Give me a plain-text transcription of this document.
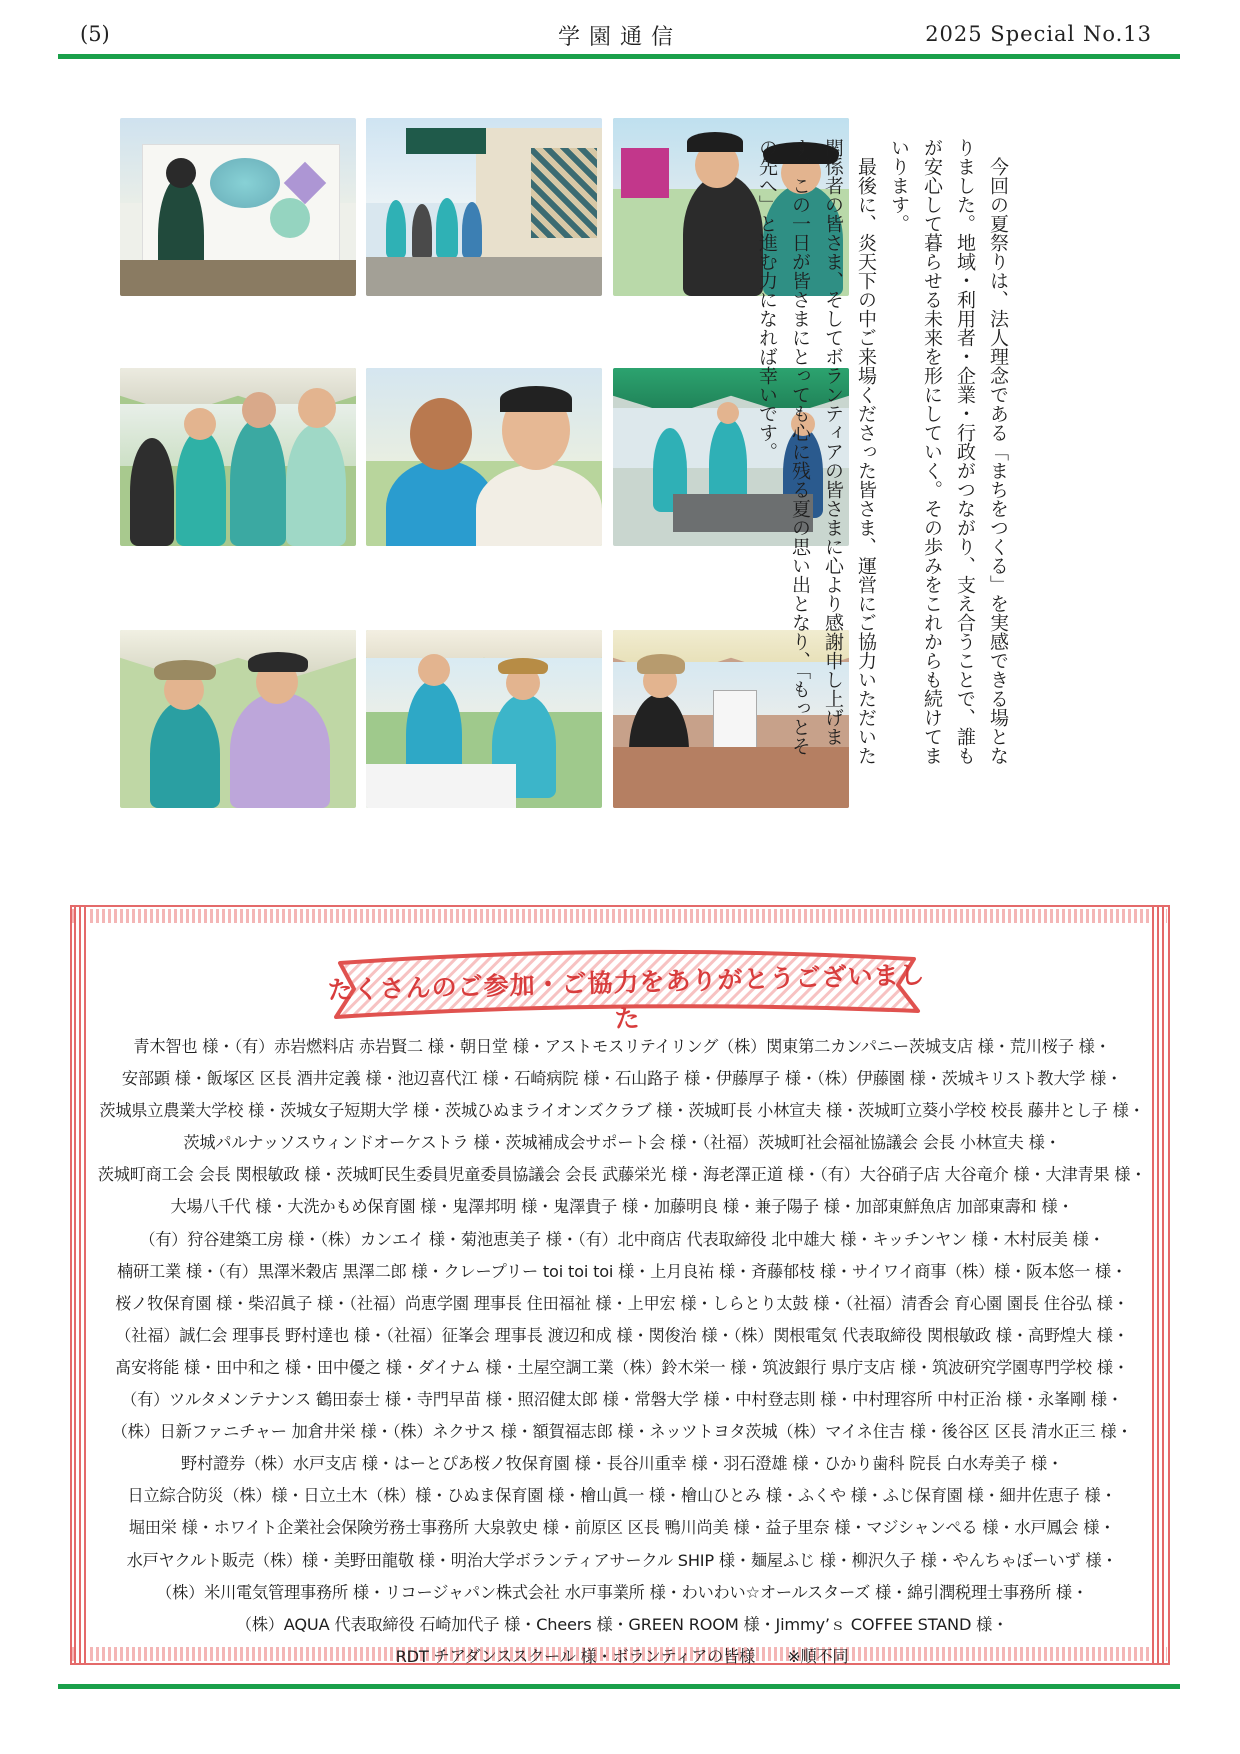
(5)	学園通信	2025 Special No.13

今回の夏祭りは、法人理念である「まちをつくる」を実感できる場となりました。地域・利用者・企業・行政がつながり、支え合うことで、誰もが安心して暮らせる未来を形にしていく。その歩みをこれからも続けてまいります。

最後に、炎天下の中ご来場くださった皆さま、運営にご協力いただいた関係者の皆さま、そしてボランティアの皆さまに心より感謝申し上げます。この一日が皆さまにとっても心に残る夏の思い出となり、「もっとその先へ」と進む力になれば幸いです。

たくさんのご参加・ご協力をありがとうございました
青木智也 様・（有）赤岩燃料店 赤岩賢二 様・朝日堂 様・アストモスリテイリング（株）関東第二カンパニー茨城支店 様・荒川桜子 様・
安部顕 様・飯塚区 区長 酒井定義 様・池辺喜代江 様・石崎病院 様・石山路子 様・伊藤厚子 様・（株）伊藤園 様・茨城キリスト教大学 様・
茨城県立農業大学校 様・茨城女子短期大学 様・茨城ひぬまライオンズクラブ 様・茨城町長 小林宣夫 様・茨城町立葵小学校 校長 藤井とし子 様・
茨城パルナッソスウィンドオーケストラ 様・茨城補成会サポート会 様・（社福）茨城町社会福祉協議会 会長 小林宣夫 様・
茨城町商工会 会長 関根敏政 様・茨城町民生委員児童委員協議会 会長 武藤栄光 様・海老澤正道 様・（有）大谷硝子店 大谷竜介 様・大津青果 様・
大場八千代 様・大洗かもめ保育園 様・鬼澤邦明 様・鬼澤貴子 様・加藤明良 様・兼子陽子 様・加部東鮮魚店 加部東壽和 様・
（有）狩谷建築工房 様・（株）カンエイ 様・菊池恵美子 様・（有）北中商店 代表取締役 北中雄大 様・キッチンヤン 様・木村辰美 様・
楠研工業 様・（有）黒澤米穀店 黒澤二郎 様・クレープリー toi toi toi 様・上月良祐 様・斉藤郁枝 様・サイワイ商事（株）様・阪本悠一 様・
桜ノ牧保育園 様・柴沼眞子 様・（社福）尚恵学園 理事長 住田福祉 様・上甲宏 様・しらとり太鼓 様・（社福）清香会 育心園 園長 住谷弘 様・
（社福）誠仁会 理事長 野村達也 様・（社福）征峯会 理事長 渡辺和成 様・関俊治 様・（株）関根電気 代表取締役 関根敏政 様・高野煌大 様・
髙安将能 様・田中和之 様・田中優之 様・ダイナム 様・土屋空調工業（株）鈴木栄一 様・筑波銀行 県庁支店 様・筑波研究学園専門学校 様・
（有）ツルタメンテナンス 鶴田泰士 様・寺門早苗 様・照沼健太郎 様・常磐大学 様・中村登志則 様・中村理容所 中村正治 様・永峯剛 様・
（株）日新ファニチャー 加倉井栄 様・（株）ネクサス 様・額賀福志郎 様・ネッツトヨタ茨城（株）マイネ住吉 様・後谷区 区長 清水正三 様・
野村證券（株）水戸支店 様・はーとぴあ桜ノ牧保育園 様・長谷川重幸 様・羽石澄雄 様・ひかり歯科 院長 白水寿美子 様・
日立綜合防災（株）様・日立土木（株）様・ひぬま保育園 様・檜山眞一 様・檜山ひとみ 様・ふくや 様・ふじ保育園 様・細井佐恵子 様・
堀田栄 様・ホワイト企業社会保険労務士事務所 大泉敦史 様・前原区 区長 鴨川尚美 様・益子里奈 様・マジシャンぺる 様・水戸鳳会 様・
水戸ヤクルト販売（株）様・美野田龍敬 様・明治大学ボランティアサークル SHIP 様・麺屋ふじ 様・柳沢久子 様・やんちゃぼーいず 様・
（株）米川電気管理事務所 様・リコージャパン株式会社 水戸事業所 様・わいわい☆オールスターズ 様・綿引潤税理士事務所 様・
（株）AQUA 代表取締役 石崎加代子 様・Cheers 様・GREEN ROOM 様・Jimmy’ｓ COFFEE STAND 様・
RDT チアダンススクール 様・ボランティアの皆様　　※順不同
